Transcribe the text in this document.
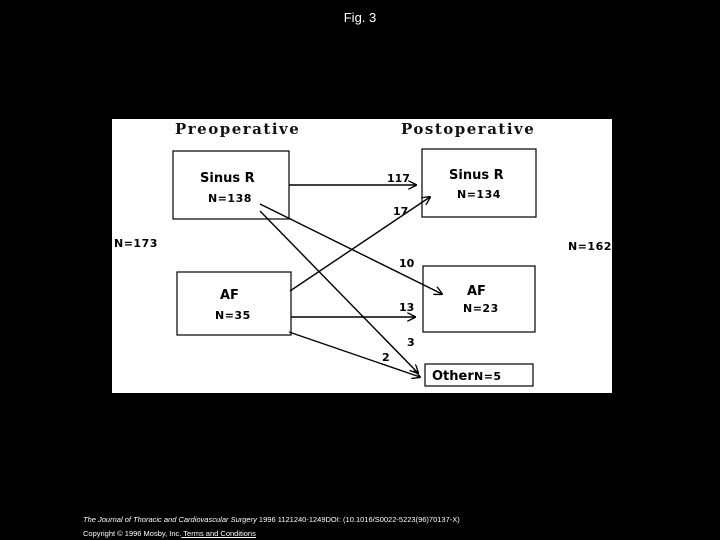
Fig. 3
Preoperative	Postoperative
N=173	N=162
Sinus R
N=138
AF
N=35
Sinus R
N=134
AF
N=23
Other N=5
117
17
10
13
3
2
The Journal of Thoracic and Cardiovascular Surgery 1996 1121240-1249DOI: (10.1016/S0022-5223(96)70137-X)
Copyright © 1996 Mosby, Inc. Terms and Conditions
